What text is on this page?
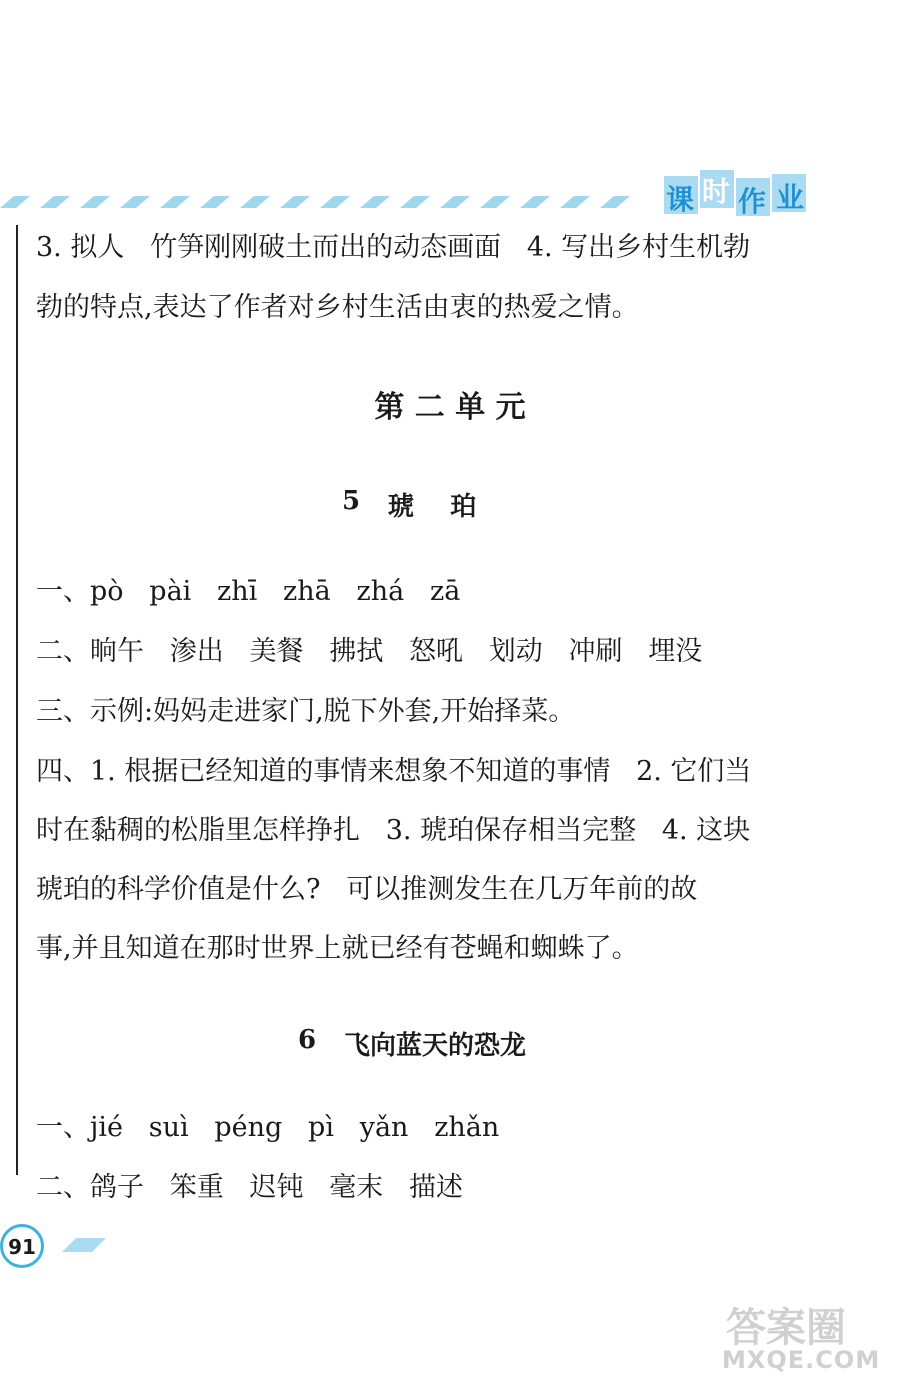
课 时 作 业
3. 拟人   竹笋刚刚破土而出的动态画面   4. 写出乡村生机勃
勃的特点,表达了作者对乡村生活由衷的热爱之情。
第 二 单 元
5 琥    珀
一、pò   pài   zhī   zhā   zhá   zā
二、晌午   渗出   美餐   拂拭   怒吼   划动   冲刷   埋没
三、示例:妈妈走进家门,脱下外套,开始择菜。
四、1. 根据已经知道的事情来想象不知道的事情   2. 它们当
时在黏稠的松脂里怎样挣扎   3. 琥珀保存相当完整   4. 这块
琥珀的科学价值是什么?   可以推测发生在几万年前的故
事,并且知道在那时世界上就已经有苍蝇和蜘蛛了。
6 飞向蓝天的恐龙
一、jié   suì   péng   pì   yǎn   zhǎn
二、鸽子   笨重   迟钝   毫末   描述
91
答案圈
MXQE.COM
